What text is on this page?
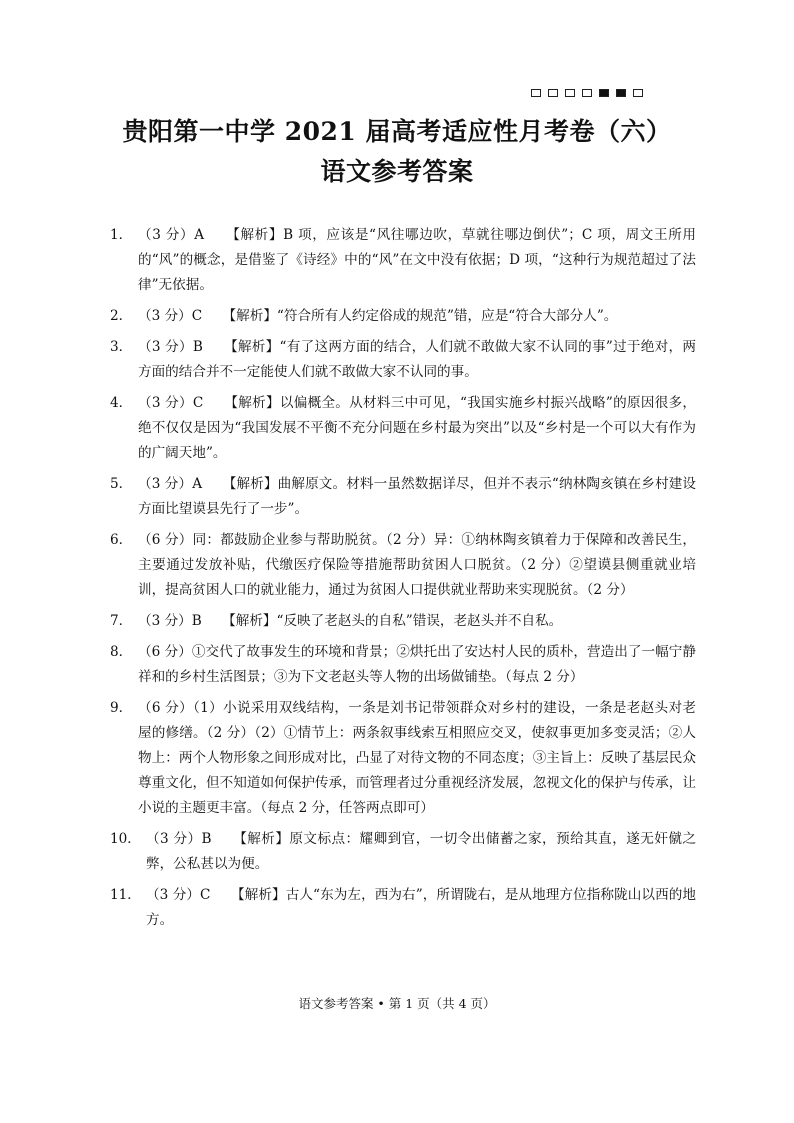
贵阳第一中学 2021 届高考适应性月考卷（六）
语文参考答案
1． （3 分）A　　【解析】B 项，应该是“风往哪边吹，草就往哪边倒伏”；C 项，周文王所用的“风”的概念，是借鉴了《诗经》中的“风”在文中没有依据；D 项，“这种行为规范超过了法律”无依据。
2． （3 分）C　　【解析】“符合所有人约定俗成的规范”错，应是“符合大部分人”。
3． （3 分）B　　【解析】“有了这两方面的结合，人们就不敢做大家不认同的事”过于绝对，两方面的结合并不一定能使人们就不敢做大家不认同的事。
4． （3 分）C　　【解析】以偏概全。从材料三中可见，“我国实施乡村振兴战略”的原因很多，绝不仅仅是因为“我国发展不平衡不充分问题在乡村最为突出”以及“乡村是一个可以大有作为的广阔天地”。
5． （3 分）A　　【解析】曲解原文。材料一虽然数据详尽，但并不表示“纳林陶亥镇在乡村建设方面比望谟县先行了一步”。
6． （6 分）同：都鼓励企业参与帮助脱贫。（2 分）异：①纳林陶亥镇着力于保障和改善民生，主要通过发放补贴，代缴医疗保险等措施帮助贫困人口脱贫。（2 分）②望谟县侧重就业培训，提高贫困人口的就业能力，通过为贫困人口提供就业帮助来实现脱贫。（2 分）
7． （3 分）B　　【解析】“反映了老赵头的自私”错误，老赵头并不自私。
8． （6 分）①交代了故事发生的环境和背景；②烘托出了安达村人民的质朴，营造出了一幅宁静祥和的乡村生活图景；③为下文老赵头等人物的出场做铺垫。（每点 2 分）
9． （6 分）（1）小说采用双线结构，一条是刘书记带领群众对乡村的建设，一条是老赵头对老屋的修缮。（2 分）（2）①情节上：两条叙事线索互相照应交叉，使叙事更加多变灵活；②人物上：两个人物形象之间形成对比，凸显了对待文物的不同态度；③主旨上：反映了基层民众尊重文化，但不知道如何保护传承，而管理者过分重视经济发展，忽视文化的保护与传承，让小说的主题更丰富。（每点 2 分，任答两点即可）
10． （3 分）B　　【解析】原文标点：耀卿到官，一切令出储蓄之家，预给其直，遂无奸僦之弊，公私甚以为便。
11． （3 分）C　　【解析】古人“东为左，西为右”，所谓陇右，是从地理方位指称陇山以西的地方。
语文参考答案 • 第 1 页（共 4 页）
